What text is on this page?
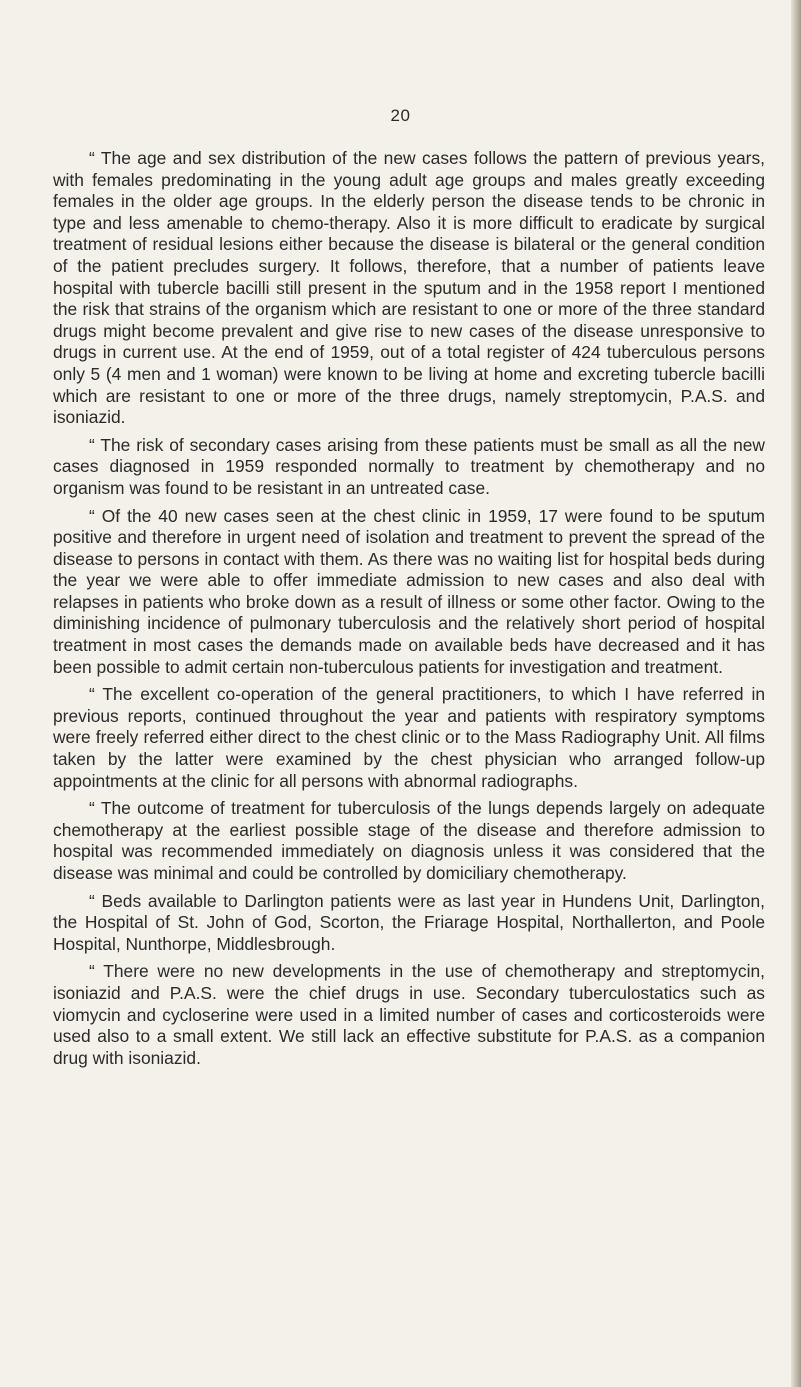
20

“ The age and sex distribution of the new cases follows the pattern of previous years, with females predominating in the young adult age groups and males greatly exceeding females in the older age groups. In the elderly person the disease tends to be chronic in type and less amenable to chemo-therapy. Also it is more difficult to eradicate by surgical treatment of residual lesions either because the disease is bilateral or the general condition of the patient precludes surgery. It follows, therefore, that a number of patients leave hospital with tubercle bacilli still present in the sputum and in the 1958 report I mentioned the risk that strains of the organism which are resistant to one or more of the three standard drugs might become prevalent and give rise to new cases of the disease unresponsive to drugs in current use. At the end of 1959, out of a total register of 424 tuberculous persons only 5 (4 men and 1 woman) were known to be living at home and excreting tubercle bacilli which are resistant to one or more of the three drugs, namely streptomycin, P.A.S. and isoniazid.

“ The risk of secondary cases arising from these patients must be small as all the new cases diagnosed in 1959 responded normally to treatment by chemotherapy and no organism was found to be resistant in an untreated case.

“ Of the 40 new cases seen at the chest clinic in 1959, 17 were found to be sputum positive and therefore in urgent need of isolation and treatment to prevent the spread of the disease to persons in contact with them. As there was no waiting list for hospital beds during the year we were able to offer immediate admission to new cases and also deal with relapses in patients who broke down as a result of illness or some other factor. Owing to the diminishing incidence of pulmonary tuberculosis and the relatively short period of hospital treatment in most cases the demands made on available beds have decreased and it has been possible to admit certain non-tuberculous patients for investigation and treatment.

“ The excellent co-operation of the general practitioners, to which I have referred in previous reports, continued throughout the year and patients with respiratory symptoms were freely referred either direct to the chest clinic or to the Mass Radiography Unit. All films taken by the latter were examined by the chest physician who arranged follow-up appointments at the clinic for all persons with abnormal radiographs.

“ The outcome of treatment for tuberculosis of the lungs depends largely on adequate chemotherapy at the earliest possible stage of the disease and therefore admission to hospital was recommended immediately on diagnosis unless it was considered that the disease was minimal and could be controlled by domiciliary chemotherapy.

“ Beds available to Darlington patients were as last year in Hundens Unit, Darlington, the Hospital of St. John of God, Scorton, the Friarage Hospital, Northallerton, and Poole Hospital, Nunthorpe, Middlesbrough.

“ There were no new developments in the use of chemotherapy and streptomycin, isoniazid and P.A.S. were the chief drugs in use. Secondary tuberculostatics such as viomycin and cycloserine were used in a limited number of cases and corticosteroids were used also to a small extent. We still lack an effective substitute for P.A.S. as a companion drug with isoniazid.
